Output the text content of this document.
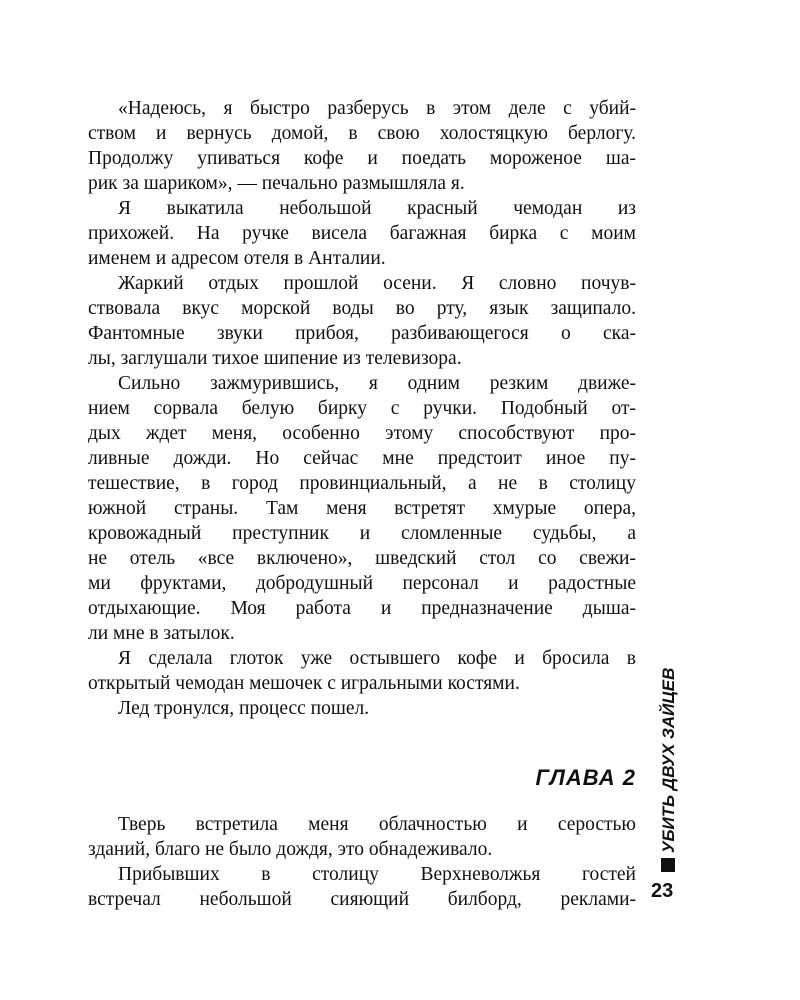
«Надеюсь, я быстро разберусь в этом деле с убий-
ством и вернусь домой, в свою холостяцкую берлогу.
Продолжу упиваться кофе и поедать мороженое ша-
рик за шариком», — печально размышляла я.
Я выкатила небольшой красный чемодан из
прихожей. На ручке висела багажная бирка с моим
именем и адресом отеля в Анталии.
Жаркий отдых прошлой осени. Я словно почув-
ствовала вкус морской воды во рту, язык защипало.
Фантомные звуки прибоя, разбивающегося о ска-
лы, заглушали тихое шипение из телевизора.
Сильно зажмурившись, я одним резким движе-
нием сорвала белую бирку с ручки. Подобный от-
дых ждет меня, особенно этому способствуют про-
ливные дожди. Но сейчас мне предстоит иное пу-
тешествие, в город провинциальный, а не в столицу
южной страны. Там меня встретят хмурые опера,
кровожадный преступник и сломленные судьбы, а
не отель «все включено», шведский стол со свежи-
ми фруктами, добродушный персонал и радостные
отдыхающие. Моя работа и предназначение дыша-
ли мне в затылок.
Я сделала глоток уже остывшего кофе и бросила в
открытый чемодан мешочек с игральными костями.
Лед тронулся, процесс пошел.
ГЛАВА 2
Тверь встретила меня облачностью и серостью
зданий, благо не было дождя, это обнадеживало.
Прибывших в столицу Верхневолжья гостей
встречал небольшой сияющий билборд, реклами-
УБИТЬ ДВУХ ЗАЙЦЕВ
23
